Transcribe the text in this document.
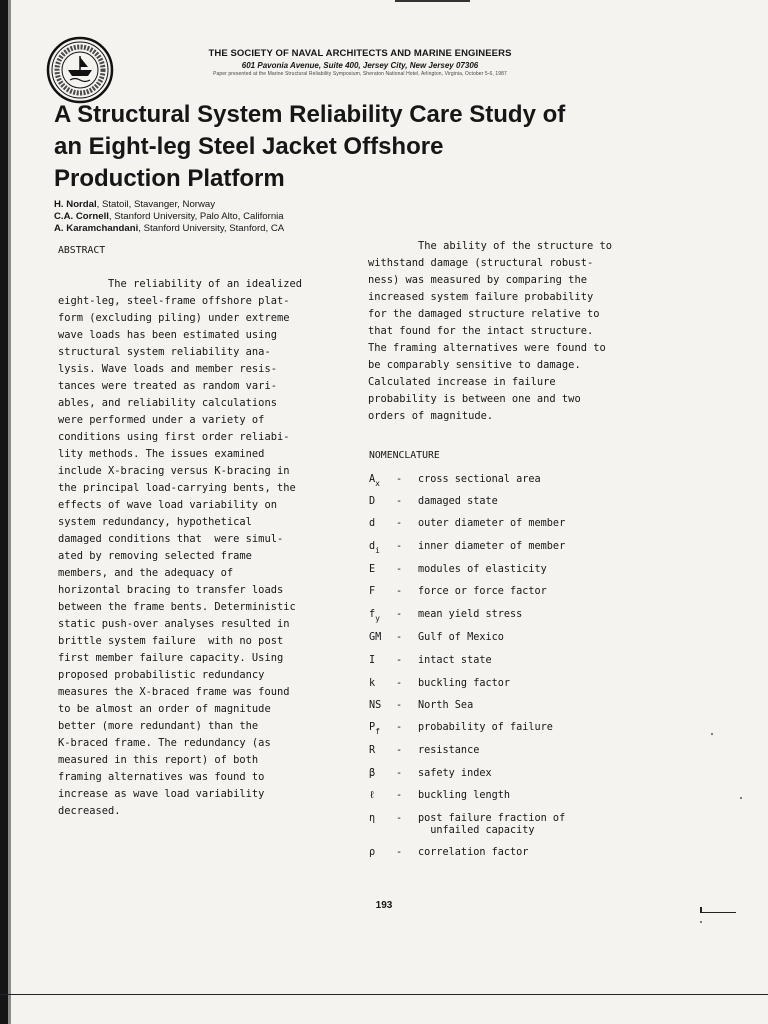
THE SOCIETY OF NAVAL ARCHITECTS AND MARINE ENGINEERS
601 Pavonia Avenue, Suite 400, Jersey City, New Jersey 07306
Paper presented at the Marine Structural Reliability Symposium, Sheraton National Hotel, Arlington, Virginia, October 5-6, 1987
A Structural System Reliability Care Study of an Eight-leg Steel Jacket Offshore Production Platform
H. Nordal, Statoil, Stavanger, Norway
C.A. Cornell, Stanford University, Palo Alto, California
A. Karamchandani, Stanford University, Stanford, CA
ABSTRACT
The reliability of an idealized
eight-leg, steel-frame offshore plat-
form (excluding piling) under extreme
wave loads has been estimated using
structural system reliability ana-
lysis. Wave loads and member resis-
tances were treated as random vari-
ables, and reliability calculations
were performed under a variety of
conditions using first order reliabi-
lity methods. The issues examined
include X-bracing versus K-bracing in
the principal load-carrying bents, the
effects of wave load variability on
system redundancy, hypothetical
damaged conditions that  were simul-
ated by removing selected frame
members, and the adequacy of
horizontal bracing to transfer loads
between the frame bents. Deterministic
static push-over analyses resulted in
brittle system failure  with no post
first member failure capacity. Using
proposed probabilistic redundancy
measures the X-braced frame was found
to be almost an order of magnitude
better (more redundant) than the
K-braced frame. The redundancy (as
measured in this report) of both
framing alternatives was found to
increase as wave load variability
decreased.
The ability of the structure to
withstand damage (structural robust-
ness) was measured by comparing the
increased system failure probability
for the damaged structure relative to
that found for the intact structure.
The framing alternatives were found to
be comparably sensitive to damage.
Calculated increase in failure
probability is between one and two
orders of magnitude.
NOMENCLATURE
$A_x$	- cross sectional area
D	- damaged state
d	- outer diameter of member
$d_i$	- inner diameter of member
E	- modules of elasticity
F	- force or force factor
$f_y$	- mean yield stress
GM	- Gulf of Mexico
I	- intact state
k	- buckling factor
NS	- North Sea
$P_f$	- probability of failure
R	- resistance
β	- safety index
ℓ	- buckling length
η	- post failure fraction of
unfailed capacity
ρ	- correlation factor
193
